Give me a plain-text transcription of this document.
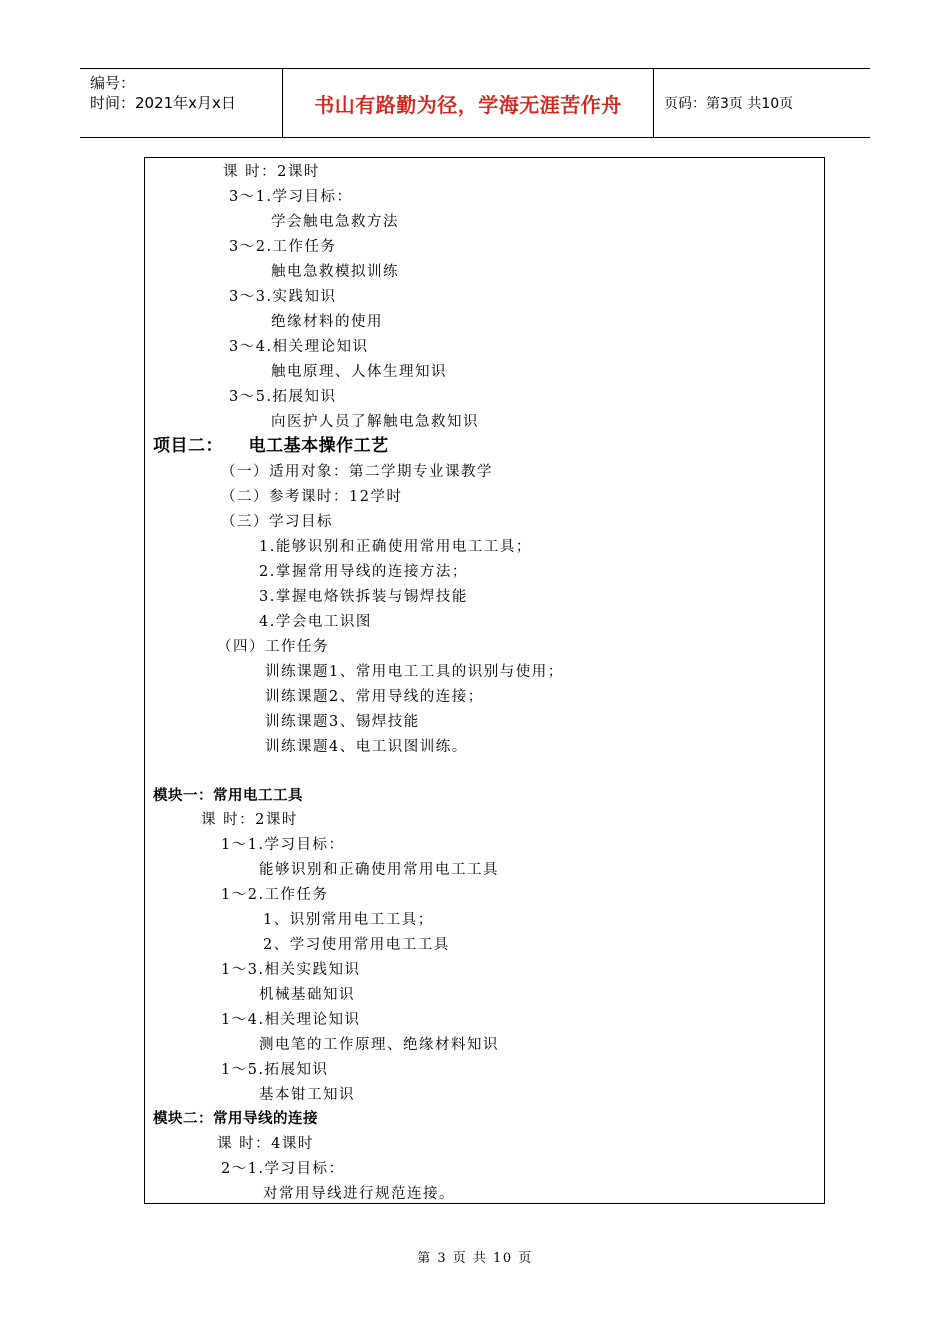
编号：
时间：2021年x月x日	书山有路勤为径，学海无涯苦作舟	页码：第3页 共10页
课 时：2课时
3～1.学习目标：
学会触电急救方法
3～2.工作任务
触电急救模拟训练
3～3.实践知识
绝缘材料的使用
3～4.相关理论知识
触电原理、人体生理知识
3～5.拓展知识
向医护人员了解触电急救知识
项目二：    电工基本操作工艺
（一）适用对象：第二学期专业课教学
（二）参考课时：12学时
（三）学习目标
1.能够识别和正确使用常用电工工具；
2.掌握常用导线的连接方法；
3.掌握电烙铁拆装与锡焊技能
4.学会电工识图
（四）工作任务
训练课题1、常用电工工具的识别与使用；
训练课题2、常用导线的连接；
训练课题3、锡焊技能
训练课题4、电工识图训练。
模块一：常用电工工具
课 时：2课时
1～1.学习目标：
能够识别和正确使用常用电工工具
1～2.工作任务
1、识别常用电工工具；
2、学习使用常用电工工具
1～3.相关实践知识
机械基础知识
1～4.相关理论知识
测电笔的工作原理、绝缘材料知识
1～5.拓展知识
基本钳工知识
模块二：常用导线的连接
课 时：4课时
2～1.学习目标：
对常用导线进行规范连接。
第 3 页 共 10 页
